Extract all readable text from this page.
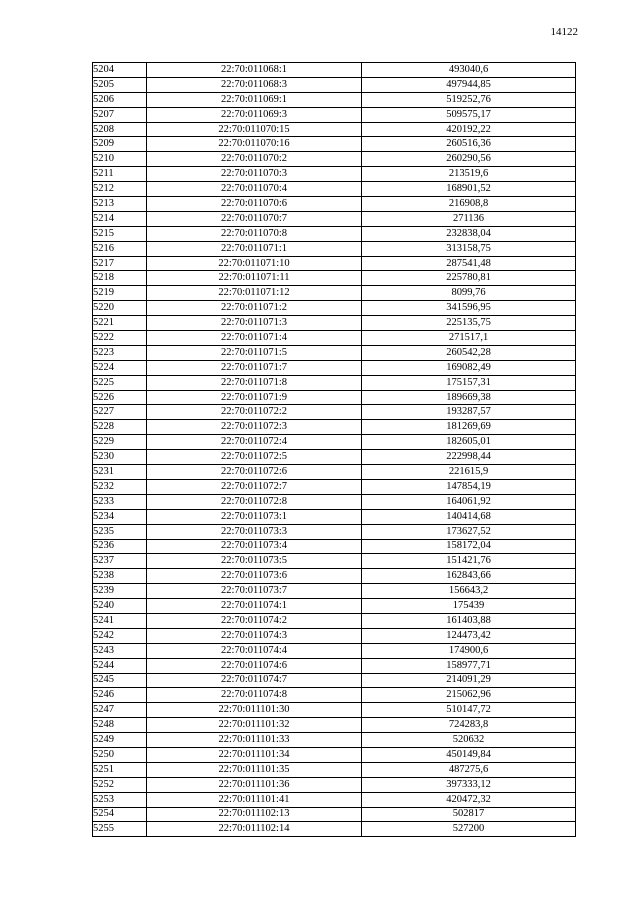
14122
5204	22:70:011068:1	493040,6
5205	22:70:011068:3	497944,85
5206	22:70:011069:1	519252,76
5207	22:70:011069:3	509575,17
5208	22:70:011070:15	420192,22
5209	22:70:011070:16	260516,36
5210	22:70:011070:2	260290,56
5211	22:70:011070:3	213519,6
5212	22:70:011070:4	168901,52
5213	22:70:011070:6	216908,8
5214	22:70:011070:7	271136
5215	22:70:011070:8	232838,04
5216	22:70:011071:1	313158,75
5217	22:70:011071:10	287541,48
5218	22:70:011071:11	225780,81
5219	22:70:011071:12	8099,76
5220	22:70:011071:2	341596,95
5221	22:70:011071:3	225135,75
5222	22:70:011071:4	271517,1
5223	22:70:011071:5	260542,28
5224	22:70:011071:7	169082,49
5225	22:70:011071:8	175157,31
5226	22:70:011071:9	189669,38
5227	22:70:011072:2	193287,57
5228	22:70:011072:3	181269,69
5229	22:70:011072:4	182605,01
5230	22:70:011072:5	222998,44
5231	22:70:011072:6	221615,9
5232	22:70:011072:7	147854,19
5233	22:70:011072:8	164061,92
5234	22:70:011073:1	140414,68
5235	22:70:011073:3	173627,52
5236	22:70:011073:4	158172,04
5237	22:70:011073:5	151421,76
5238	22:70:011073:6	162843,66
5239	22:70:011073:7	156643,2
5240	22:70:011074:1	175439
5241	22:70:011074:2	161403,88
5242	22:70:011074:3	124473,42
5243	22:70:011074:4	174900,6
5244	22:70:011074:6	158977,71
5245	22:70:011074:7	214091,29
5246	22:70:011074:8	215062,96
5247	22:70:011101:30	510147,72
5248	22:70:011101:32	724283,8
5249	22:70:011101:33	520632
5250	22:70:011101:34	450149,84
5251	22:70:011101:35	487275,6
5252	22:70:011101:36	397333,12
5253	22:70:011101:41	420472,32
5254	22:70:011102:13	502817
5255	22:70:011102:14	527200
